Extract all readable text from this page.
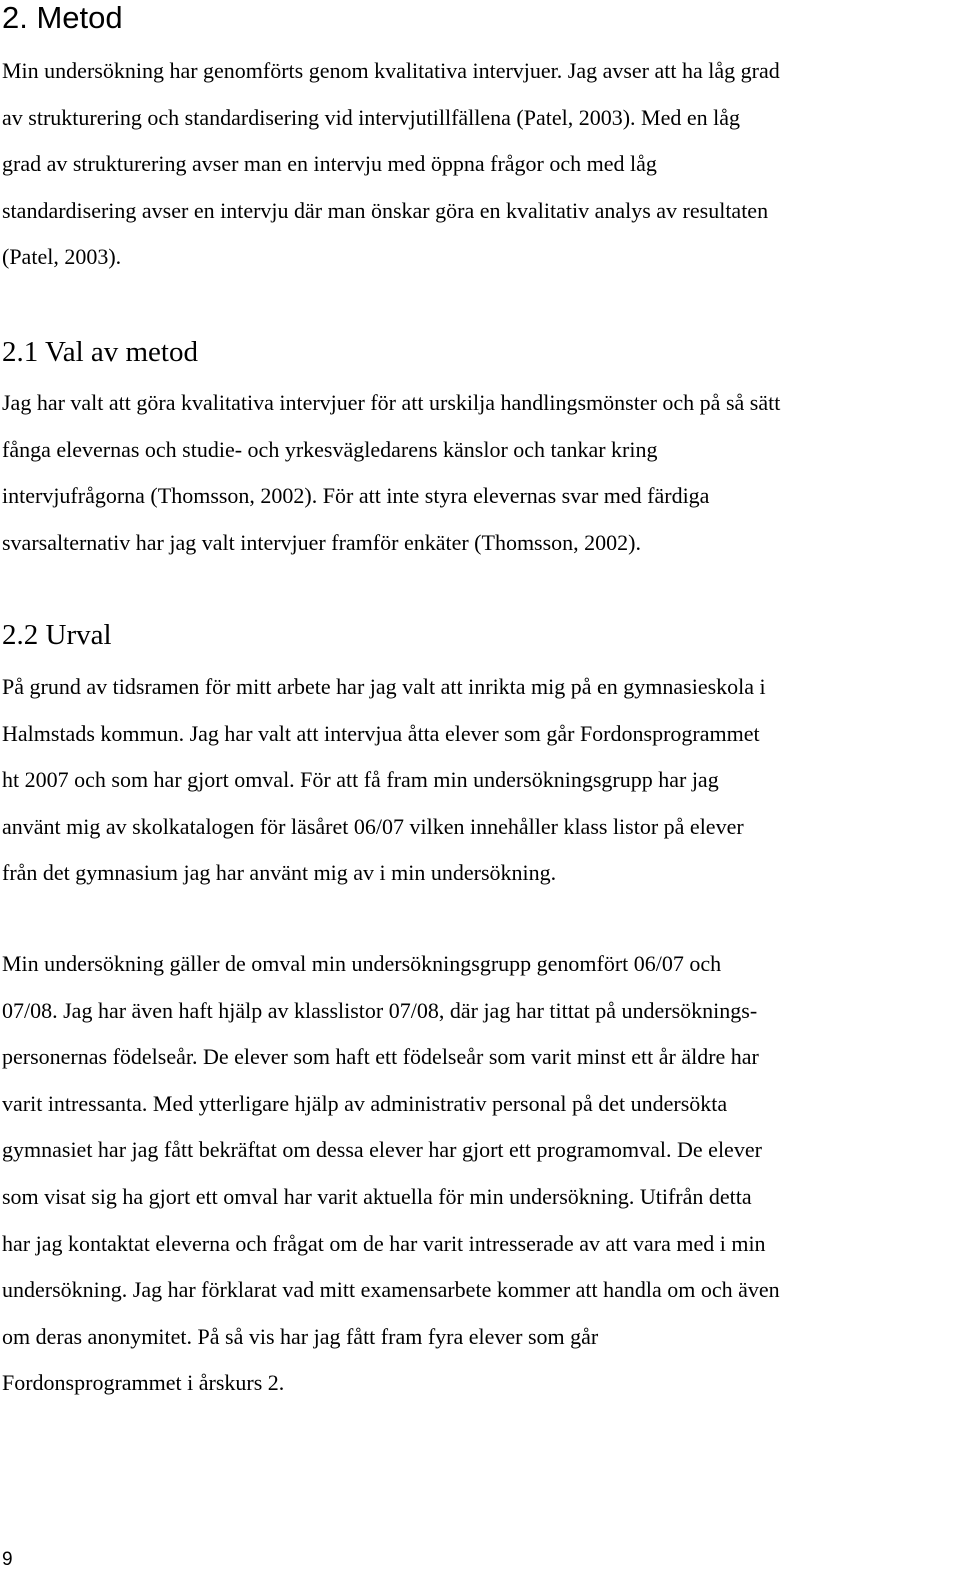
2. Metod
Min undersökning har genomförts genom kvalitativa intervjuer. Jag avser att ha låg grad
av strukturering och standardisering vid intervjutillfällena (Patel, 2003). Med en låg
grad av strukturering avser man en intervju med öppna frågor och med låg
standardisering avser en intervju där man önskar göra en kvalitativ analys av resultaten
(Patel, 2003).
2.1 Val av metod
Jag har valt att göra kvalitativa intervjuer för att urskilja handlingsmönster och på så sätt
fånga elevernas och studie- och yrkesvägledarens känslor och tankar kring
intervjufrågorna (Thomsson, 2002). För att inte styra elevernas svar med färdiga
svarsalternativ har jag valt intervjuer framför enkäter (Thomsson, 2002).
2.2 Urval
På grund av tidsramen för mitt arbete har jag valt att inrikta mig på en gymnasieskola i
Halmstads kommun. Jag har valt att intervjua åtta elever som går Fordonsprogrammet
ht 2007 och som har gjort omval. För att få fram min undersökningsgrupp har jag
använt mig av skolkatalogen för läsåret 06/07 vilken innehåller klass listor på elever
från det gymnasium jag har använt mig av i min undersökning.
Min undersökning gäller de omval min undersökningsgrupp genomfört 06/07 och
07/08. Jag har även haft hjälp av klasslistor 07/08, där jag har tittat på undersöknings-
personernas födelseår. De elever som haft ett födelseår som varit minst ett år äldre har
varit intressanta. Med ytterligare hjälp av administrativ personal på det undersökta
gymnasiet har jag fått bekräftat om dessa elever har gjort ett programomval. De elever
som visat sig ha gjort ett omval har varit aktuella för min undersökning. Utifrån detta
har jag kontaktat eleverna och frågat om de har varit intresserade av att vara med i min
undersökning. Jag har förklarat vad mitt examensarbete kommer att handla om och även
om deras anonymitet. På så vis har jag fått fram fyra elever som går
Fordonsprogrammet i årskurs 2.
9
